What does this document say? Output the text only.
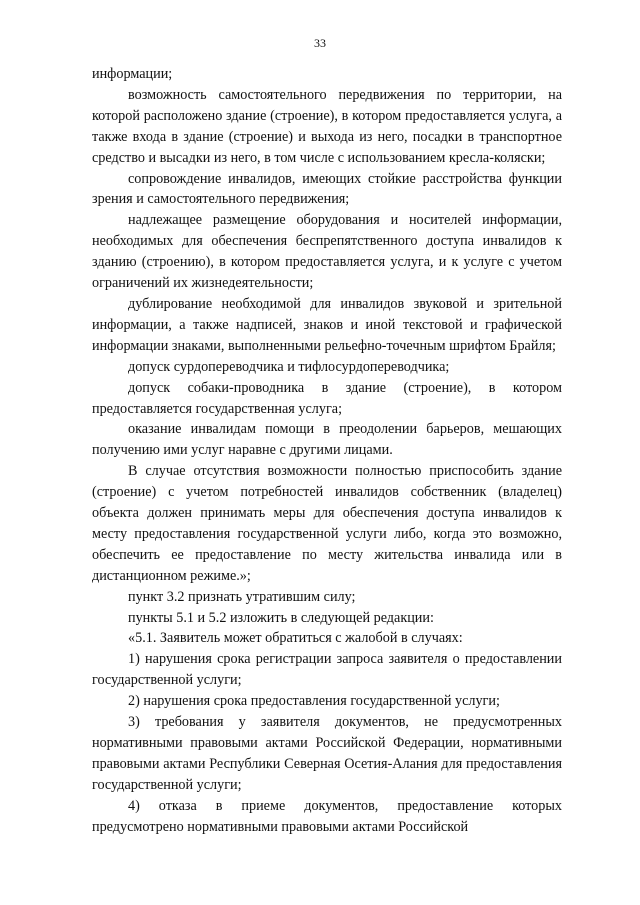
33

информации;

возможность самостоятельного передвижения по территории, на которой расположено здание (строение), в котором предоставляется услуга, а также входа в здание (строение) и выхода из него, посадки в транспортное средство и высадки из него, в том числе с использованием кресла-коляски;

сопровождение инвалидов, имеющих стойкие расстройства функции зрения и самостоятельного передвижения;

надлежащее размещение оборудования и носителей информации, необходимых для обеспечения беспрепятственного доступа инвалидов к зданию (строению), в котором предоставляется услуга, и к услуге с учетом ограничений их жизнедеятельности;

дублирование необходимой для инвалидов звуковой и зрительной информации, а также надписей, знаков и иной текстовой и графической информации знаками, выполненными рельефно-точечным шрифтом Брайля;

допуск сурдопереводчика и тифлосурдопереводчика;

допуск собаки-проводника в здание (строение), в котором предоставляется государственная услуга;

оказание инвалидам помощи в преодолении барьеров, мешающих получению ими услуг наравне с другими лицами.

В случае отсутствия возможности полностью приспособить здание (строение) с учетом потребностей инвалидов собственник (владелец) объекта должен принимать меры для обеспечения доступа инвалидов к месту предоставления государственной услуги либо, когда это возможно, обеспечить ее предоставление по месту жительства инвалида или в дистанционном режиме.»;

пункт 3.2 признать утратившим силу;

пункты 5.1 и 5.2 изложить в следующей редакции:

«5.1. Заявитель может обратиться с жалобой в случаях:

1) нарушения срока регистрации запроса заявителя о предоставлении государственной услуги;

2) нарушения срока предоставления государственной услуги;

3) требования у заявителя документов, не предусмотренных нормативными правовыми актами Российской Федерации, нормативными правовыми актами Республики Северная Осетия-Алания для предоставления государственной услуги;

4) отказа в приеме документов, предоставление которых предусмотрено нормативными правовыми актами Российской
